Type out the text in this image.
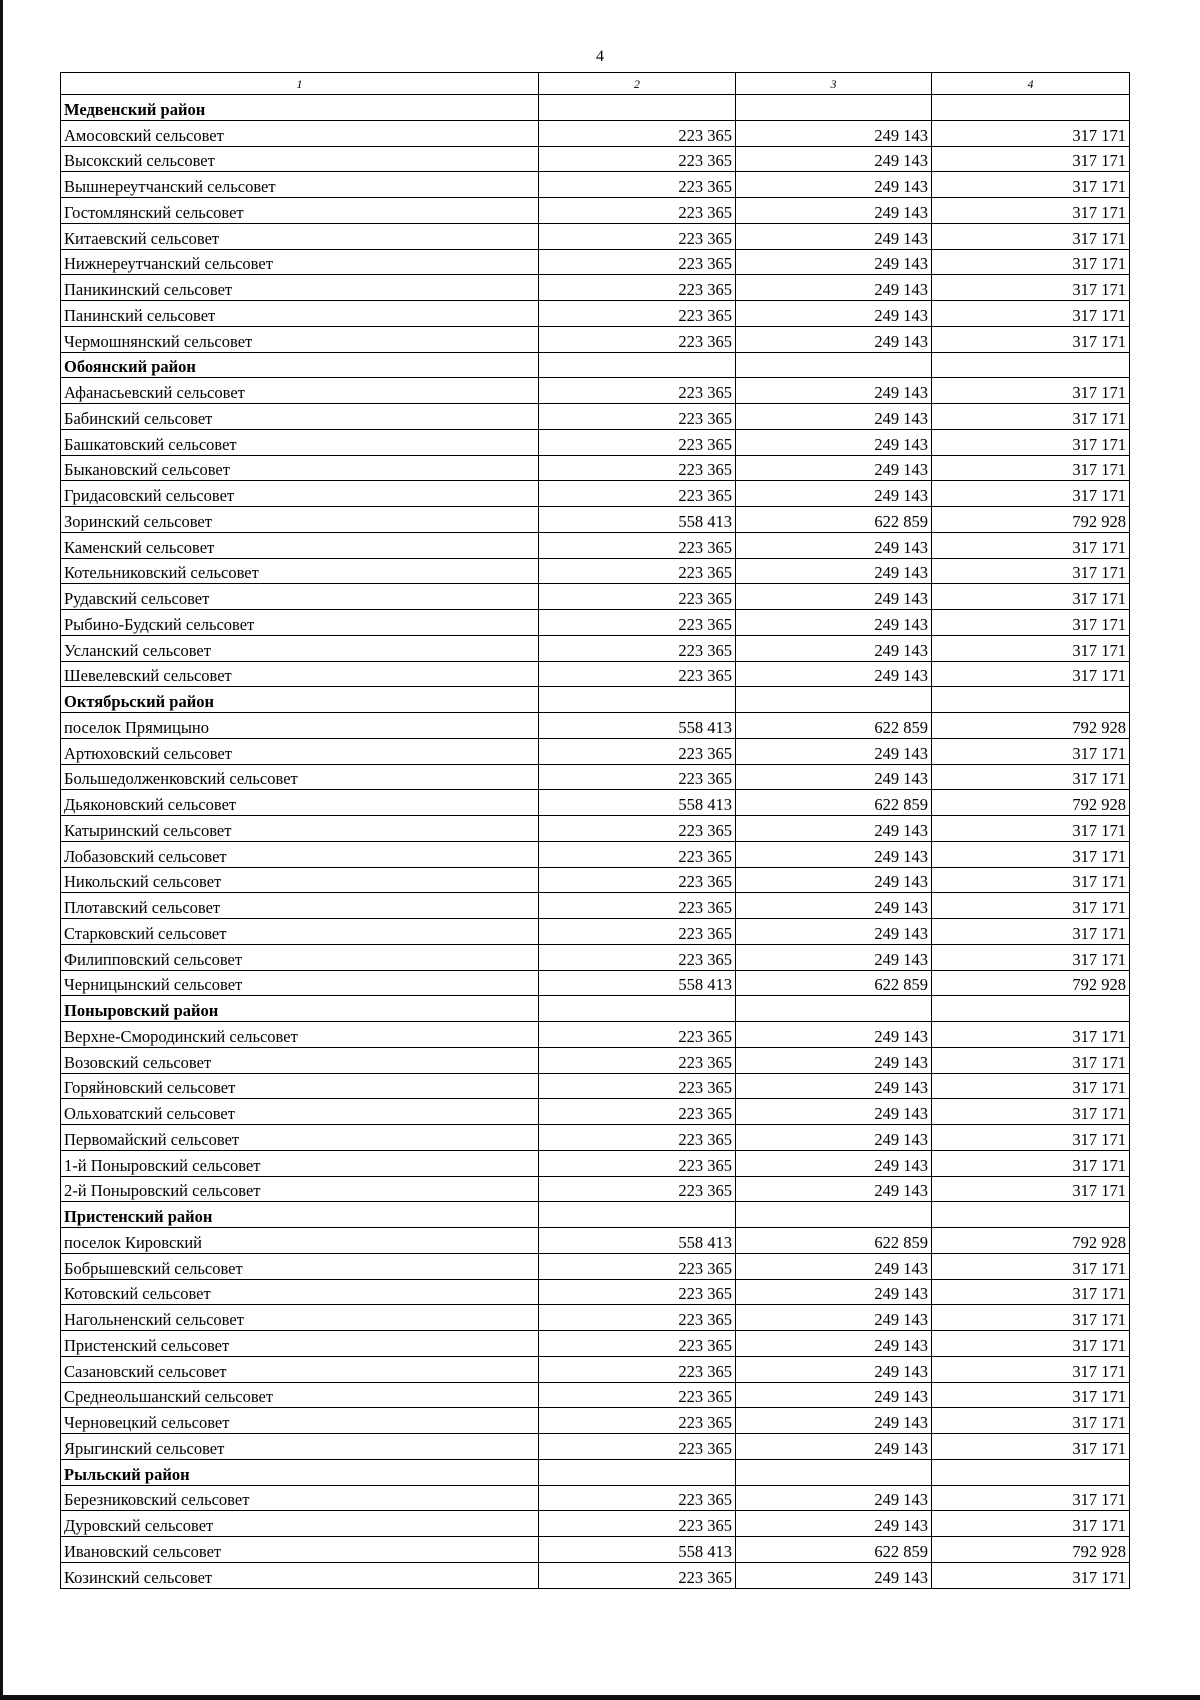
4
1	2	3	4
Медвенский район			
Амосовский сельсовет	223 365	249 143	317 171
Высокский сельсовет	223 365	249 143	317 171
Вышнереутчанский сельсовет	223 365	249 143	317 171
Гостомлянский сельсовет	223 365	249 143	317 171
Китаевский сельсовет	223 365	249 143	317 171
Нижнереутчанский сельсовет	223 365	249 143	317 171
Паникинский сельсовет	223 365	249 143	317 171
Панинский сельсовет	223 365	249 143	317 171
Чермошнянский сельсовет	223 365	249 143	317 171
Обоянский район			
Афанасьевский сельсовет	223 365	249 143	317 171
Бабинский сельсовет	223 365	249 143	317 171
Башкатовский сельсовет	223 365	249 143	317 171
Быкановский сельсовет	223 365	249 143	317 171
Гридасовский сельсовет	223 365	249 143	317 171
Зоринский сельсовет	558 413	622 859	792 928
Каменский сельсовет	223 365	249 143	317 171
Котельниковский сельсовет	223 365	249 143	317 171
Рудавский сельсовет	223 365	249 143	317 171
Рыбино-Будский сельсовет	223 365	249 143	317 171
Усланский сельсовет	223 365	249 143	317 171
Шевелевский сельсовет	223 365	249 143	317 171
Октябрьский район			
поселок Прямицыно	558 413	622 859	792 928
Артюховский сельсовет	223 365	249 143	317 171
Большедолженковский сельсовет	223 365	249 143	317 171
Дьяконовский сельсовет	558 413	622 859	792 928
Катыринский сельсовет	223 365	249 143	317 171
Лобазовский сельсовет	223 365	249 143	317 171
Никольский сельсовет	223 365	249 143	317 171
Плотавский сельсовет	223 365	249 143	317 171
Старковский сельсовет	223 365	249 143	317 171
Филипповский сельсовет	223 365	249 143	317 171
Черницынский сельсовет	558 413	622 859	792 928
Поныровский район			
Верхне-Смородинский сельсовет	223 365	249 143	317 171
Возовский сельсовет	223 365	249 143	317 171
Горяйновский сельсовет	223 365	249 143	317 171
Ольховатский сельсовет	223 365	249 143	317 171
Первомайский сельсовет	223 365	249 143	317 171
1-й Поныровский сельсовет	223 365	249 143	317 171
2-й Поныровский сельсовет	223 365	249 143	317 171
Пристенский район			
поселок Кировский	558 413	622 859	792 928
Бобрышевский сельсовет	223 365	249 143	317 171
Котовский сельсовет	223 365	249 143	317 171
Нагольненский сельсовет	223 365	249 143	317 171
Пристенский сельсовет	223 365	249 143	317 171
Сазановский сельсовет	223 365	249 143	317 171
Среднеольшанский сельсовет	223 365	249 143	317 171
Черновецкий сельсовет	223 365	249 143	317 171
Ярыгинский сельсовет	223 365	249 143	317 171
Рыльский район			
Березниковский сельсовет	223 365	249 143	317 171
Дуровский сельсовет	223 365	249 143	317 171
Ивановский сельсовет	558 413	622 859	792 928
Козинский сельсовет	223 365	249 143	317 171
